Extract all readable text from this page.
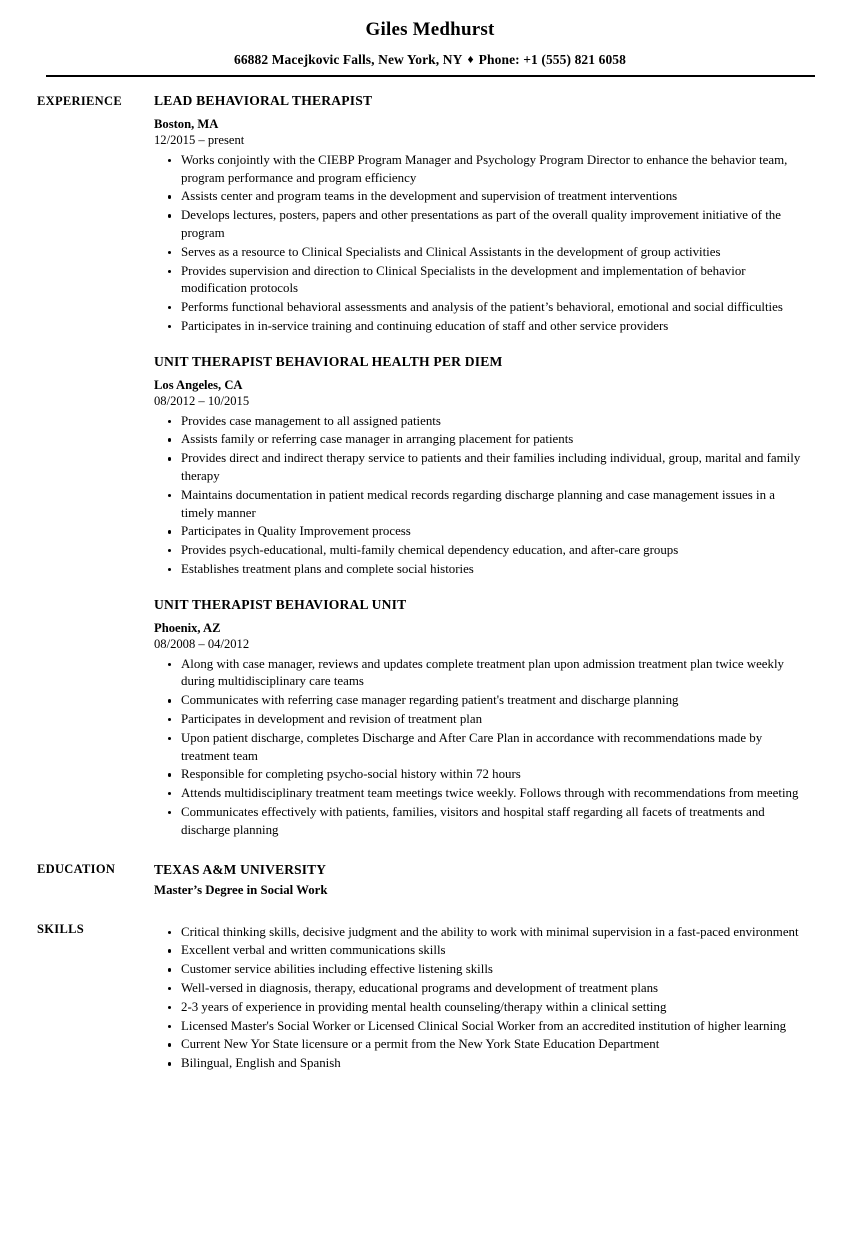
Giles Medhurst
66882 Macejkovic Falls, New York, NY ♦ Phone: +1 (555) 821 6058
EXPERIENCE	LEAD BEHAVIORAL THERAPIST
Boston, MA
12/2015 – present
Works conjointly with the CIEBP Program Manager and Psychology Program Director to enhance the behavior team, program performance and program efficiency
Assists center and program teams in the development and supervision of treatment interventions
Develops lectures, posters, papers and other presentations as part of the overall quality improvement initiative of the program
Serves as a resource to Clinical Specialists and Clinical Assistants in the development of group activities
Provides supervision and direction to Clinical Specialists in the development and implementation of behavior modification protocols
Performs functional behavioral assessments and analysis of the patient’s behavioral, emotional and social difficulties
Participates in in-service training and continuing education of staff and other service providers
UNIT THERAPIST BEHAVIORAL HEALTH PER DIEM
Los Angeles, CA
08/2012 – 10/2015
Provides case management to all assigned patients
Assists family or referring case manager in arranging placement for patients
Provides direct and indirect therapy service to patients and their families including individual, group, marital and family therapy
Maintains documentation in patient medical records regarding discharge planning and case management issues in a timely manner
Participates in Quality Improvement process
Provides psych-educational, multi-family chemical dependency education, and after-care groups
Establishes treatment plans and complete social histories
UNIT THERAPIST BEHAVIORAL UNIT
Phoenix, AZ
08/2008 – 04/2012
Along with case manager, reviews and updates complete treatment plan upon admission treatment plan twice weekly during multidisciplinary care teams
Communicates with referring case manager regarding patient's treatment and discharge planning
Participates in development and revision of treatment plan
Upon patient discharge, completes Discharge and After Care Plan in accordance with recommendations made by treatment team
Responsible for completing psycho-social history within 72 hours
Attends multidisciplinary treatment team meetings twice weekly. Follows through with recommendations from meeting
Communicates effectively with patients, families, visitors and hospital staff regarding all facets of treatments and discharge planning
EDUCATION	TEXAS A&M UNIVERSITY
Master’s Degree in Social Work
SKILLS	Critical thinking skills, decisive judgment and the ability to work with minimal supervision in a fast-paced environment
Excellent verbal and written communications skills
Customer service abilities including effective listening skills
Well-versed in diagnosis, therapy, educational programs and development of treatment plans
2-3 years of experience in providing mental health counseling/therapy within a clinical setting
Licensed Master's Social Worker or Licensed Clinical Social Worker from an accredited institution of higher learning
Current New Yor State licensure or a permit from the New York State Education Department
Bilingual, English and Spanish
